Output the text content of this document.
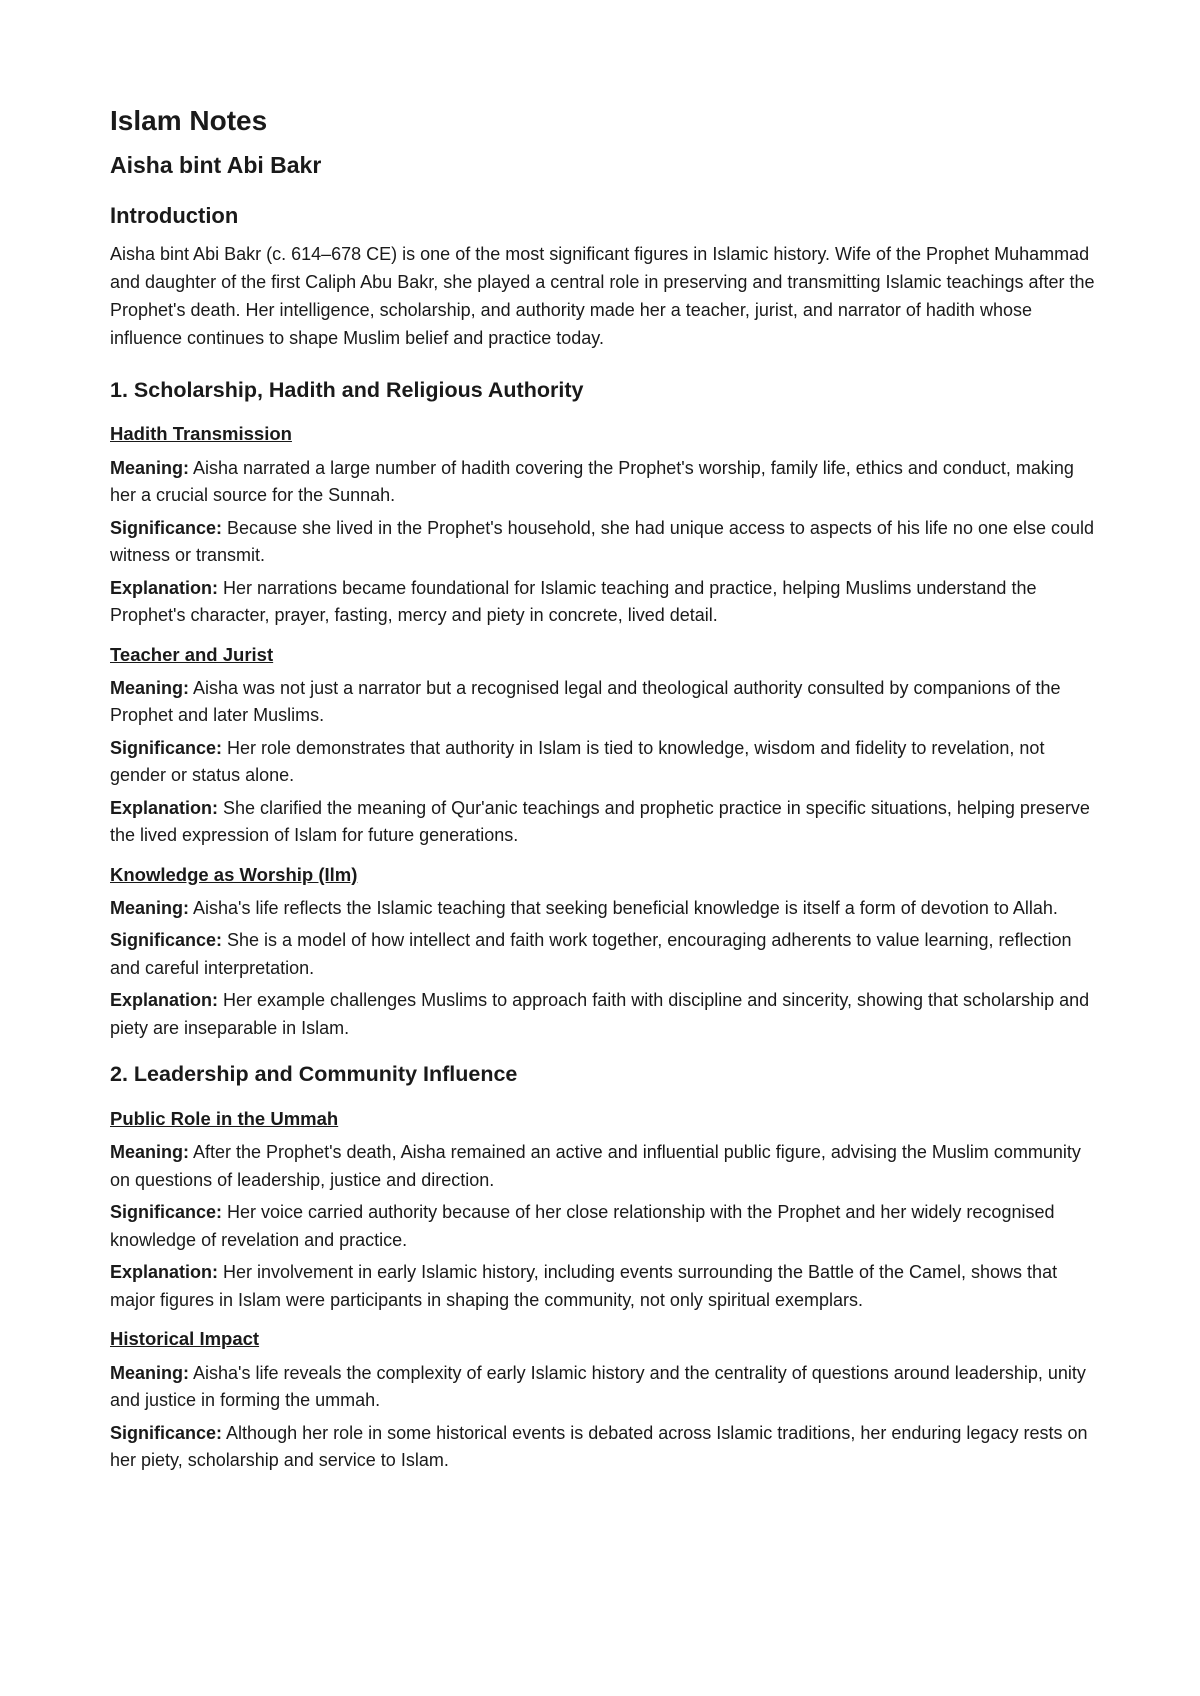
Islam Notes
Aisha bint Abi Bakr
Introduction

Aisha bint Abi Bakr (c. 614–678 CE) is one of the most significant figures in Islamic history. Wife of the Prophet Muhammad and daughter of the first Caliph Abu Bakr, she played a central role in preserving and transmitting Islamic teachings after the Prophet's death. Her intelligence, scholarship, and authority made her a teacher, jurist, and narrator of hadith whose influence continues to shape Muslim belief and practice today.

1. Scholarship, Hadith and Religious Authority
Hadith Transmission

Meaning: Aisha narrated a large number of hadith covering the Prophet's worship, family life, ethics and conduct, making her a crucial source for the Sunnah.

Significance: Because she lived in the Prophet's household, she had unique access to aspects of his life no one else could witness or transmit.

Explanation: Her narrations became foundational for Islamic teaching and practice, helping Muslims understand the Prophet's character, prayer, fasting, mercy and piety in concrete, lived detail.

Teacher and Jurist

Meaning: Aisha was not just a narrator but a recognised legal and theological authority consulted by companions of the Prophet and later Muslims.

Significance: Her role demonstrates that authority in Islam is tied to knowledge, wisdom and fidelity to revelation, not gender or status alone.

Explanation: She clarified the meaning of Qur'anic teachings and prophetic practice in specific situations, helping preserve the lived expression of Islam for future generations.

Knowledge as Worship (Ilm)

Meaning: Aisha's life reflects the Islamic teaching that seeking beneficial knowledge is itself a form of devotion to Allah.

Significance: She is a model of how intellect and faith work together, encouraging adherents to value learning, reflection and careful interpretation.

Explanation: Her example challenges Muslims to approach faith with discipline and sincerity, showing that scholarship and piety are inseparable in Islam.

2. Leadership and Community Influence
Public Role in the Ummah

Meaning: After the Prophet's death, Aisha remained an active and influential public figure, advising the Muslim community on questions of leadership, justice and direction.

Significance: Her voice carried authority because of her close relationship with the Prophet and her widely recognised knowledge of revelation and practice.

Explanation: Her involvement in early Islamic history, including events surrounding the Battle of the Camel, shows that major figures in Islam were participants in shaping the community, not only spiritual exemplars.

Historical Impact

Meaning: Aisha's life reveals the complexity of early Islamic history and the centrality of questions around leadership, unity and justice in forming the ummah.

Significance: Although her role in some historical events is debated across Islamic traditions, her enduring legacy rests on her piety, scholarship and service to Islam.
